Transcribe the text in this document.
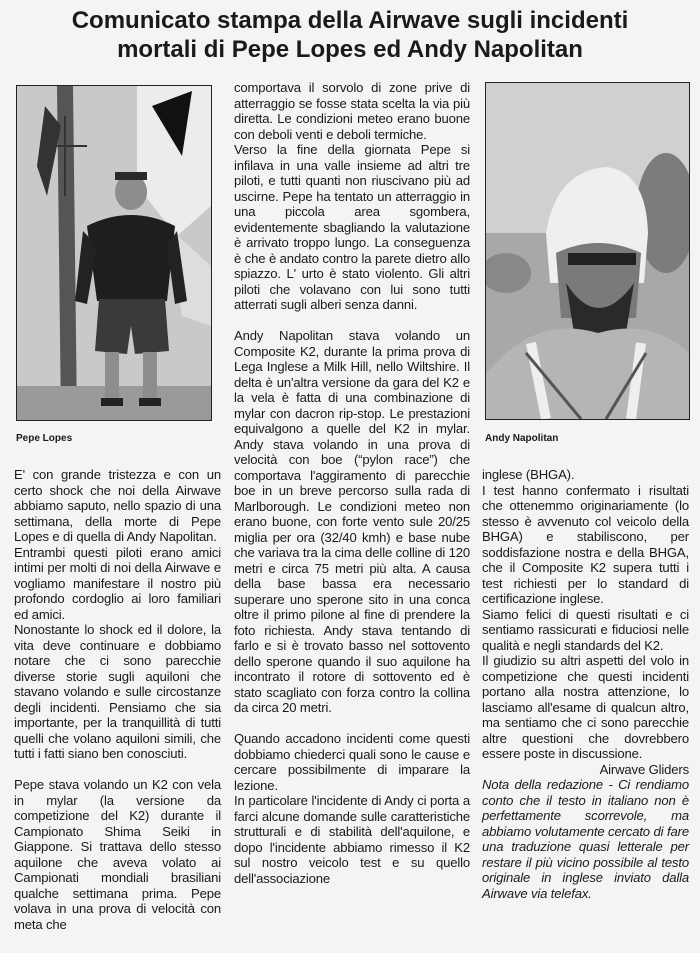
Comunicato stampa della Airwave sugli incidenti
mortali di Pepe Lopes ed Andy Napolitan
Pepe Lopes	Andy Napolitan

E' con grande tristezza e con un certo shock che noi della Airwave abbiamo saputo, nello spazio di una settimana, della morte di Pepe Lopes e di quella di Andy Napolitan.

Entrambi questi piloti erano amici intimi per molti di noi della Airwave e vogliamo manifestare il nostro più profondo cordoglio ai loro familiari ed amici.

Nonostante lo shock ed il dolore, la vita deve continuare e dobbiamo notare che ci sono parecchie diverse storie sugli aquiloni che stavano volando e sulle circostanze degli incidenti. Pensiamo che sia importante, per la tranquillità di tutti quelli che volano aquiloni simili, che tutti i fatti siano ben conosciuti.

Pepe stava volando un K2 con vela in mylar (la versione da competizione del K2) durante il Campionato Shima Seiki in Giappone. Si trattava dello stesso aquilone che aveva volato ai Campionati mondiali brasiliani qualche settimana prima. Pepe volava in una prova di velocità con meta che

comportava il sorvolo di zone prive di atterraggio se fosse stata scelta la via più diretta. Le condizioni meteo erano buone con deboli venti e deboli termiche.

Verso la fine della giornata Pepe si infilava in una valle insieme ad altri tre piloti, e tutti quanti non riuscivano più ad uscirne. Pepe ha tentato un atterraggio in una piccola area sgombera, evidentemente sbagliando la valutazione è arrivato troppo lungo. La conseguenza è che è andato contro la parete dietro allo spiazzo. L' urto è stato violento. Gli altri piloti che volavano con lui sono tutti atterrati sugli alberi senza danni.

Andy Napolitan stava volando un Composite K2, durante la prima prova di Lega Inglese a Milk Hill, nello Wiltshire. Il delta è un'altra versione da gara del K2 e la vela è fatta di una combinazione di mylar con dacron rip-stop. Le prestazioni equivalgono a quelle del K2 in mylar. Andy stava volando in una prova di velocità con boe (“pylon race”) che comportava l'aggiramento di parecchie boe in un breve percorso sulla rada di Marlborough. Le condizioni meteo non erano buone, con forte vento sule 20/25 miglia per ora (32/40 kmh) e base nube che variava tra la cima delle colline di 120 metri e circa 75 metri più alta. A causa della base bassa era necessario superare uno sperone sito in una conca oltre il primo pilone al fine di prendere la foto richiesta. Andy stava tentando di farlo e si è trovato basso nel sottovento dello sperone quando il suo aquilone ha incontrato il rotore di sottovento ed è stato scagliato con forza contro la collina da circa 20 metri.

Quando accadono incidenti come questi dobbiamo chiederci quali sono le cause e cercare possibilmente di imparare la lezione.

In particolare l'incidente di Andy ci porta a farci alcune domande sulle caratteristiche strutturali e di stabilità dell'aquilone, e dopo l'incidente abbiamo rimesso il K2 sul nostro veicolo test e su quello dell'associazione

inglese (BHGA).

I test hanno confermato i risultati che ottenemmo originariamente (lo stesso è avvenuto col veicolo della BHGA) e stabiliscono, per soddisfazione nostra e della BHGA, che il Composite K2 supera tutti i test richiesti per lo standard di certificazione inglese.

Siamo felici di questi risultati e ci sentiamo rassicurati e fiduciosi nelle qualità e negli standards del K2.

Il giudizio su altri aspetti del volo in competizione che questi incidenti portano alla nostra attenzione, lo lasciamo all'esame di qualcun altro, ma sentiamo che ci sono parecchie altre questioni che dovrebbero essere poste in discussione.

Airwave Gliders

Nota della redazione - Ci rendiamo conto che il testo in italiano non è perfettamente scorrevole, ma abbiamo volutamente cercato di fare una traduzione quasi letterale per restare il più vicino possibile al testo originale in inglese inviato dalla Airwave via telefax.
